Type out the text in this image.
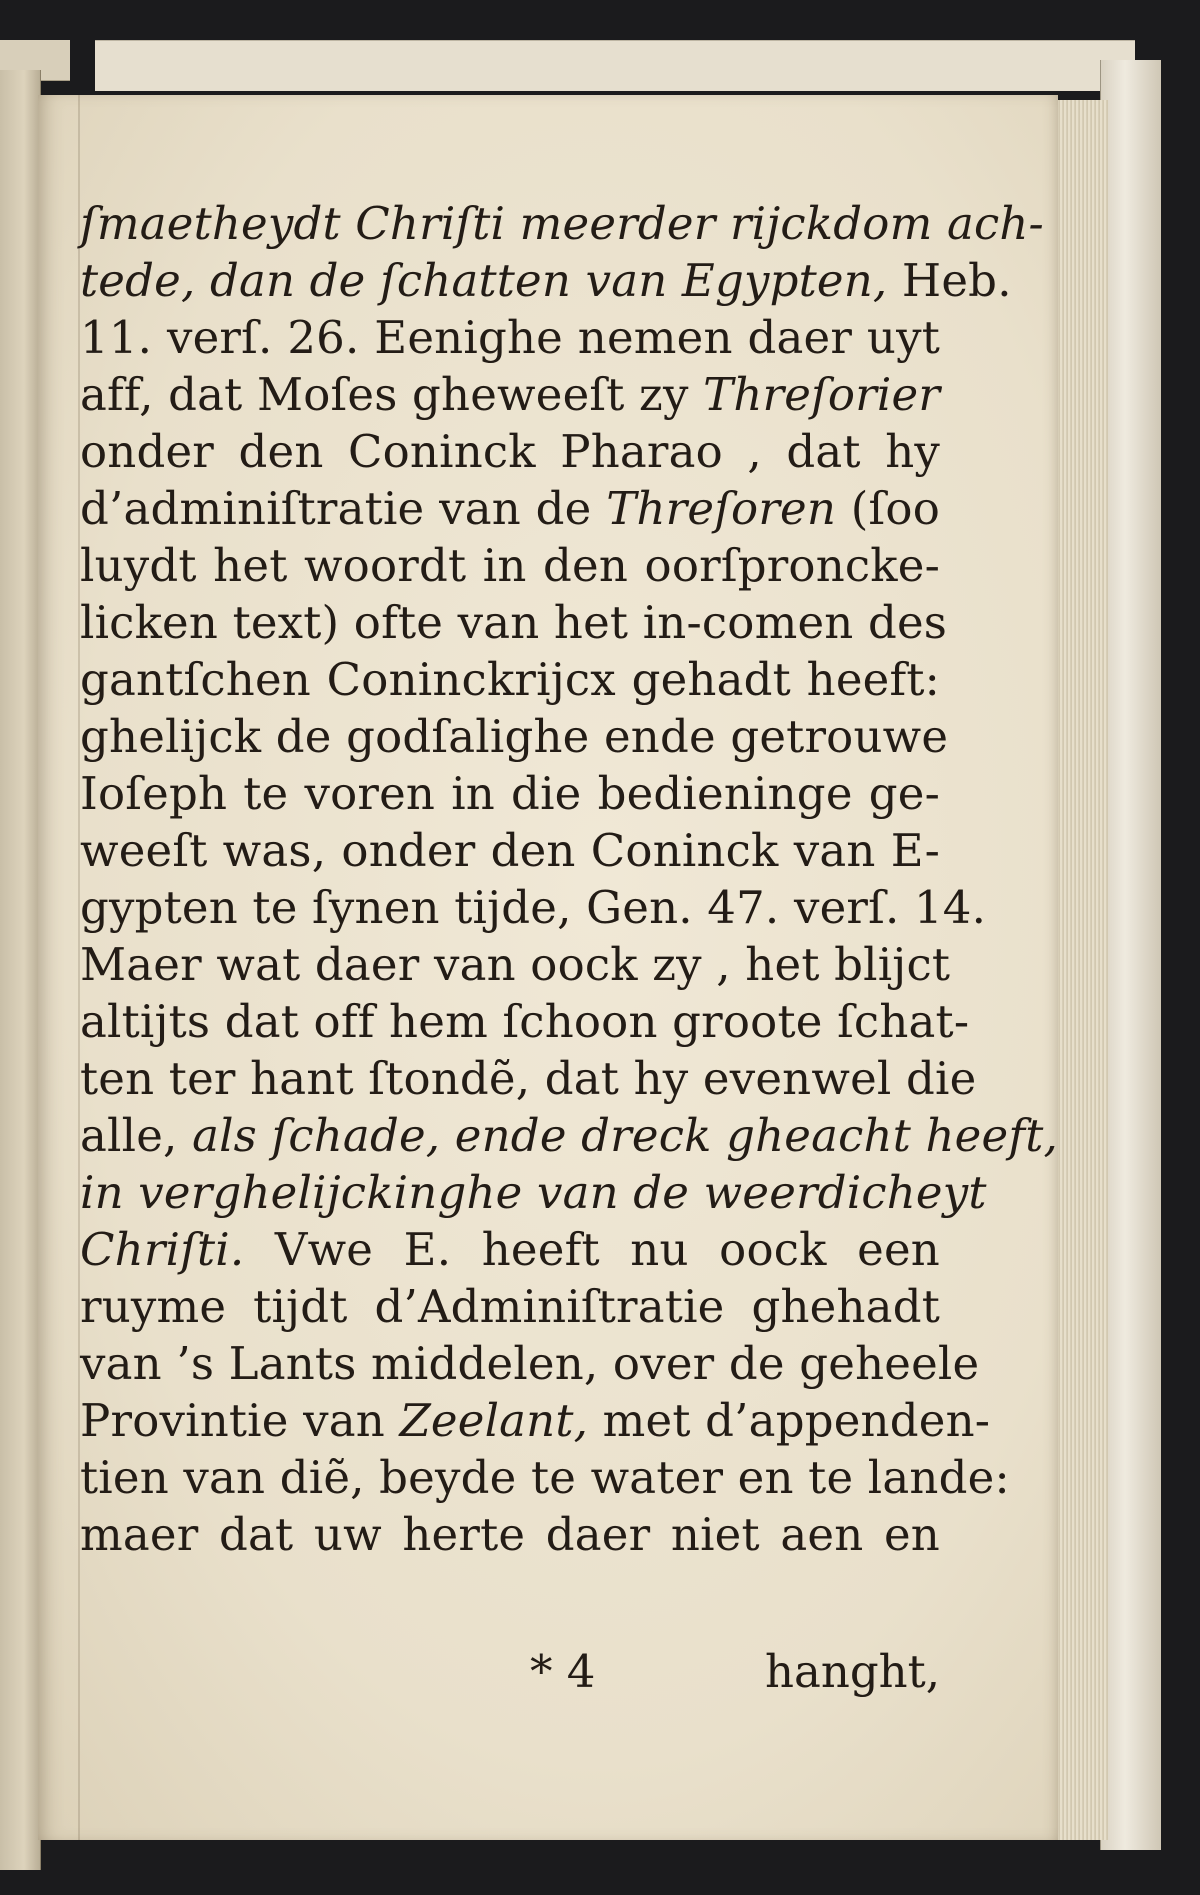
ſmaetheydt Chriſti meerder rijckdom ach-
tede, dan de ſchatten van Egypten, Heb.
11. verſ. 26. Eenighe nemen daer uyt
aff, dat Moſes gheweeſt zy Threſorier
onder den Coninck Pharao , dat hy
d’adminiſtratie van de Threſoren (ſoo
luydt het woordt in den oorſproncke-
licken text) ofte van het in-comen des
gantſchen Coninckrijcx gehadt heeft:
ghelijck de godſalighe ende getrouwe
Ioſeph te voren in die bedieninge ge-
weeſt was, onder den Coninck van E-
gypten te ſynen tijde, Gen. 47. verſ. 14.
Maer wat daer van oock zy , het blijct
altijts dat off hem ſchoon groote ſchat-
ten ter hant ſtondẽ, dat hy evenwel die
alle, als ſchade, ende dreck gheacht heeft,
in verghelijckinghe van de weerdicheyt
Chriſti. Vwe E. heeft nu oock een
ruyme tijdt d’Adminiſtratie ghehadt
van ’s Lants middelen, over de geheele
Provintie van Zeelant, met d’appenden-
tien van diẽ, beyde te water en te lande:
maer dat uw herte daer niet aen en
* 4	hanght,
